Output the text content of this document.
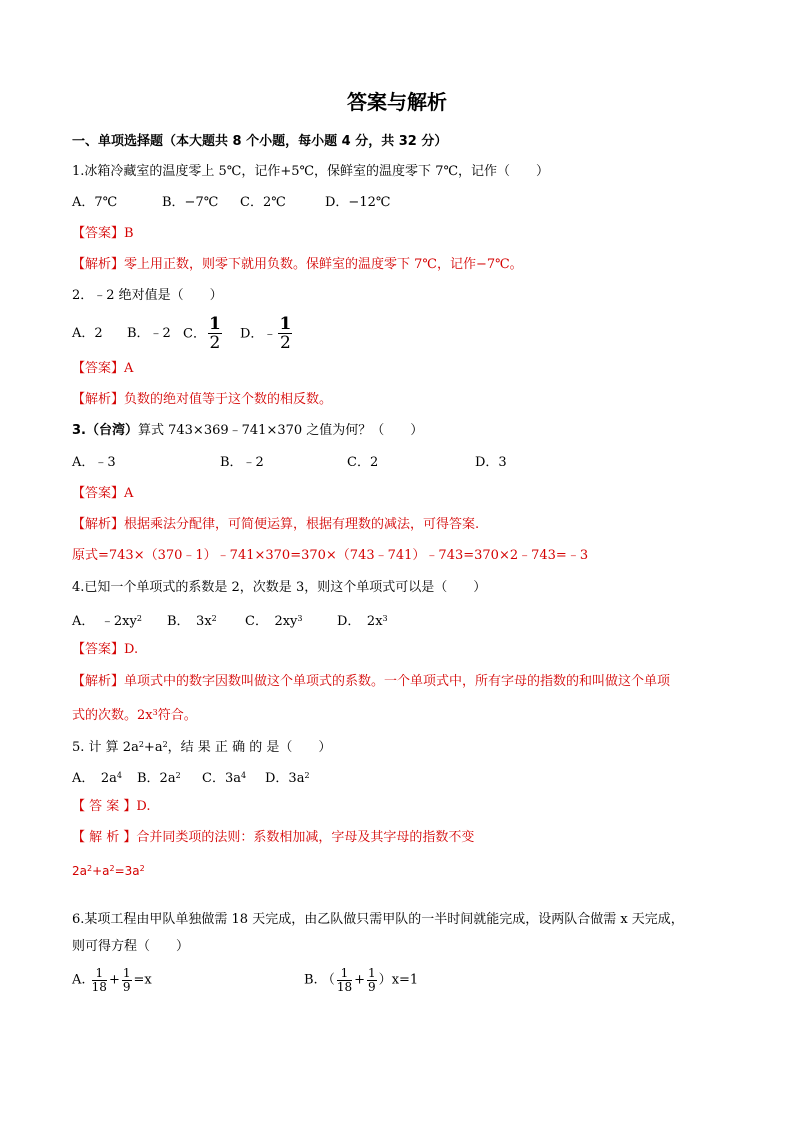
答案与解析
一、单项选择题（本大题共 8 个小题，每小题 4 分，共 32 分）
1.冰箱冷藏室的温度零上 5℃，记作+5℃，保鲜室的温度零下 7℃，记作（　　）
A．7℃	B．−7℃ C．2℃	D．−12℃
【答案】B
【解析】零上用正数，则零下就用负数。保鲜室的温度零下 7℃，记作−7℃。
2．﹣2 绝对值是（　　）
A．2 B．﹣2 C． $\frac{1}{2}$ D．﹣ $\frac{1}{2}$
【答案】A
【解析】负数的绝对值等于这个数的相反数。
3.（台湾）算式 743×369﹣741×370 之值为何？（　　）
A．﹣3	B．﹣2	C．2	D．3
【答案】A
【解析】根据乘法分配律，可简便运算，根据有理数的减法，可得答案.
原式=743×（370﹣1）﹣741×370=370×（743﹣741）﹣743=370×2﹣743=﹣3
4.已知一个单项式的系数是 2，次数是 3，则这个单项式可以是（　　）
A．　$﹣2xy^2$ B．　$3x^2$ C．　$2xy^3$	D．　$2x^3$
【答案】D.
【解析】单项式中的数字因数叫做这个单项式的系数。一个单项式中，所有字母的指数的和叫做这个单项
式的次数。$2x^3$符合。
5. 计 算 $2a^2+a^2$，结 果 正 确 的 是（　　）
A．　$2a^4$ B．$2a^2$ C．$3a^4$ D．$3a^2$
【 答 案 】D.
【 解 析 】合并同类项的法则：系数相加减，字母及其字母的指数不变
$2a^2+a^2=3a^2$
6.某项工程由甲队单独做需 18 天完成，由乙队做只需甲队的一半时间就能完成，设两队合做需 x 天完成，
则可得方程（　　）
A. $\frac{1}{18} + \frac{1}{9} =x$	B. （ $\frac{1}{18} + \frac{1}{9} )x=1$
